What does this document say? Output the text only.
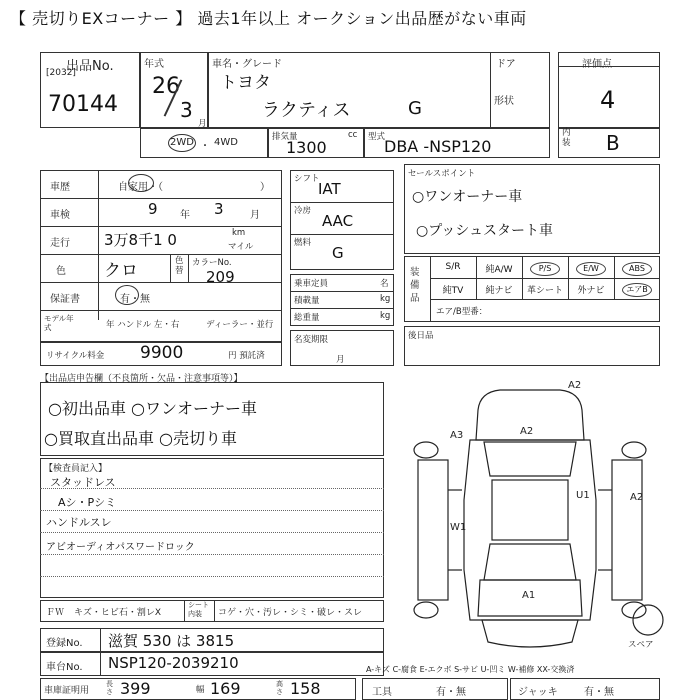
【 売切りEXコーナー 】 過去1年以上 オークション出品歴がない車両
出品No.
[2032]
70144
年式
26
3
月
車名・グレード
トヨタ
ラクティス	G
ドア
形状
評価点
4
2WD ・ 4WD	排気量	cc
1300
型式
DBA -NSP120
内装 B
車歴	自家用・（	）
車検	9 年 3	月
走行 3万8千1 0	km
マイル
色 クロ	色替
カラーNo.
209
保証書	有・無
モデル年式	年 ハンドル 左・右	ディーラー・並行
リサイクル料金 9900	円 預託済
シフト
IAT
冷房
AAC
燃料
G
乗車定員	名
積載量	kg
総重量	kg
名変期限
月
セールスポイント
○ワンオーナー車
○プッシュスタート車
装備品
S/R	純A/W	P/S	E/W	ABS
純TV	純ナビ	革シート	外ナビ	エアB
エア/B型番：
後日品
【出品店申告欄（不良箇所・欠品・注意事項等）】
○初出品車 ○ワンオーナー車
○買取直出品車 ○売切り車
【検査員記入】
スタッドレス
Aシ・Pシミ
ハンドルスレ
アビオーディオパスワードロック
ＦＷ キズ・ヒビ石・割レX
シート内装	コゲ・穴・汚レ・シミ・破レ・スレ
登録No. 滋賀 530 は 3815
車台No. NSP120-2039210
車庫証明用
長さ 399	幅 169	高さ 158
A-キズ C-腐食 E-エクボ S-サビ U-凹ミ W-補修 XX-交換済
工具	有・無	ジャッキ	有・無
A2
A2
A3
U1	A2
W1
A1
スペア
